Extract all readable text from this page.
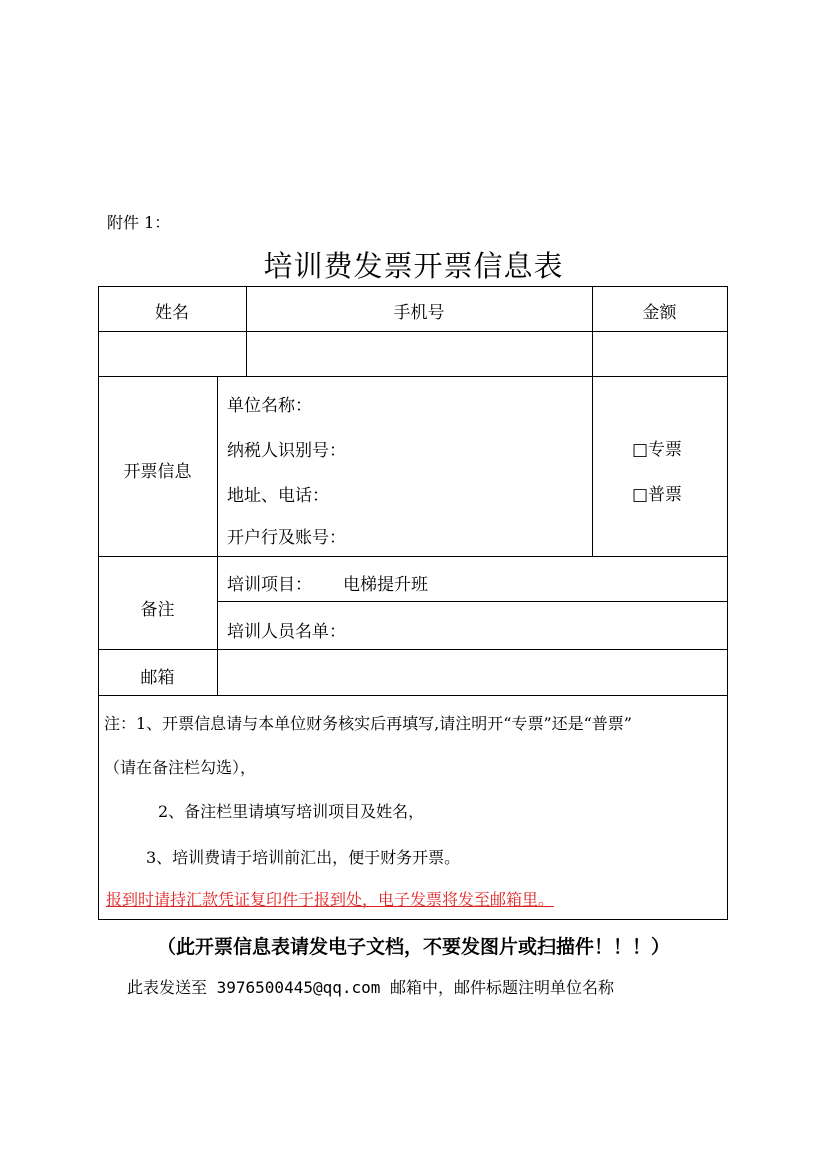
附件 1：
培训费发票开票信息表
姓名	手机号	金额
开票信息
单位名称：
纳税人识别号：
地址、电话：
开户行及账号：
□专票
□普票
备注
培训项目： 电梯提升班
培训人员名单：
邮箱
注：1、开票信息请与本单位财务核实后再填写,请注明开“专票”还是“普票”
（请在备注栏勾选），
2、备注栏里请填写培训项目及姓名，
3、培训费请于培训前汇出，便于财务开票。
报到时请持汇款凭证复印件于报到处，电子发票将发至邮箱里。
（此开票信息表请发电子文档，不要发图片或扫描件！！！）
此表发送至 3976500445@qq.com 邮箱中，邮件标题注明单位名称
